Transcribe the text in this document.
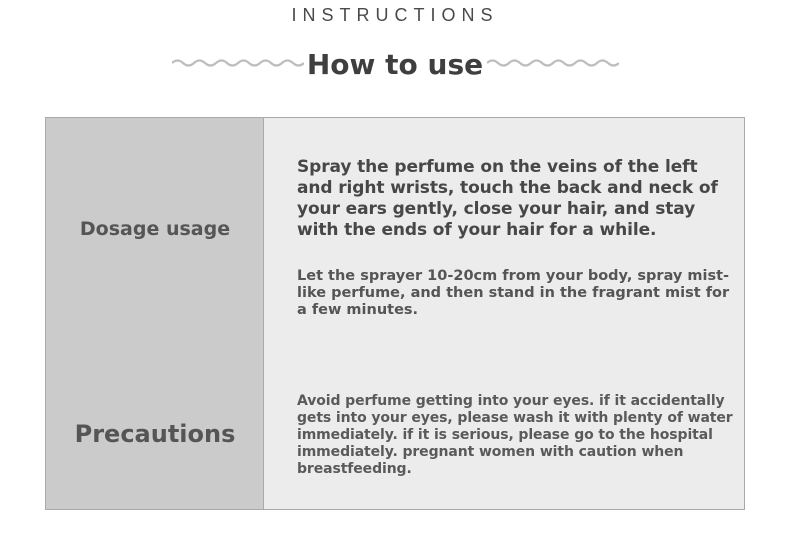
INSTRUCTIONS
How to use
Dosage usage
Precautions

Spray the perfume on the veins of the left and right wrists, touch the back and neck of your ears gently, close your hair, and stay with the ends of your hair for a while.

Let the sprayer 10-20cm from your body, spray mist-like perfume, and then stand in the fragrant mist for a few minutes.

Avoid perfume getting into your eyes. if it accidentally gets into your eyes, please wash it with plenty of water immediately. if it is serious, please go to the hospital immediately. pregnant women with caution when breastfeeding.
